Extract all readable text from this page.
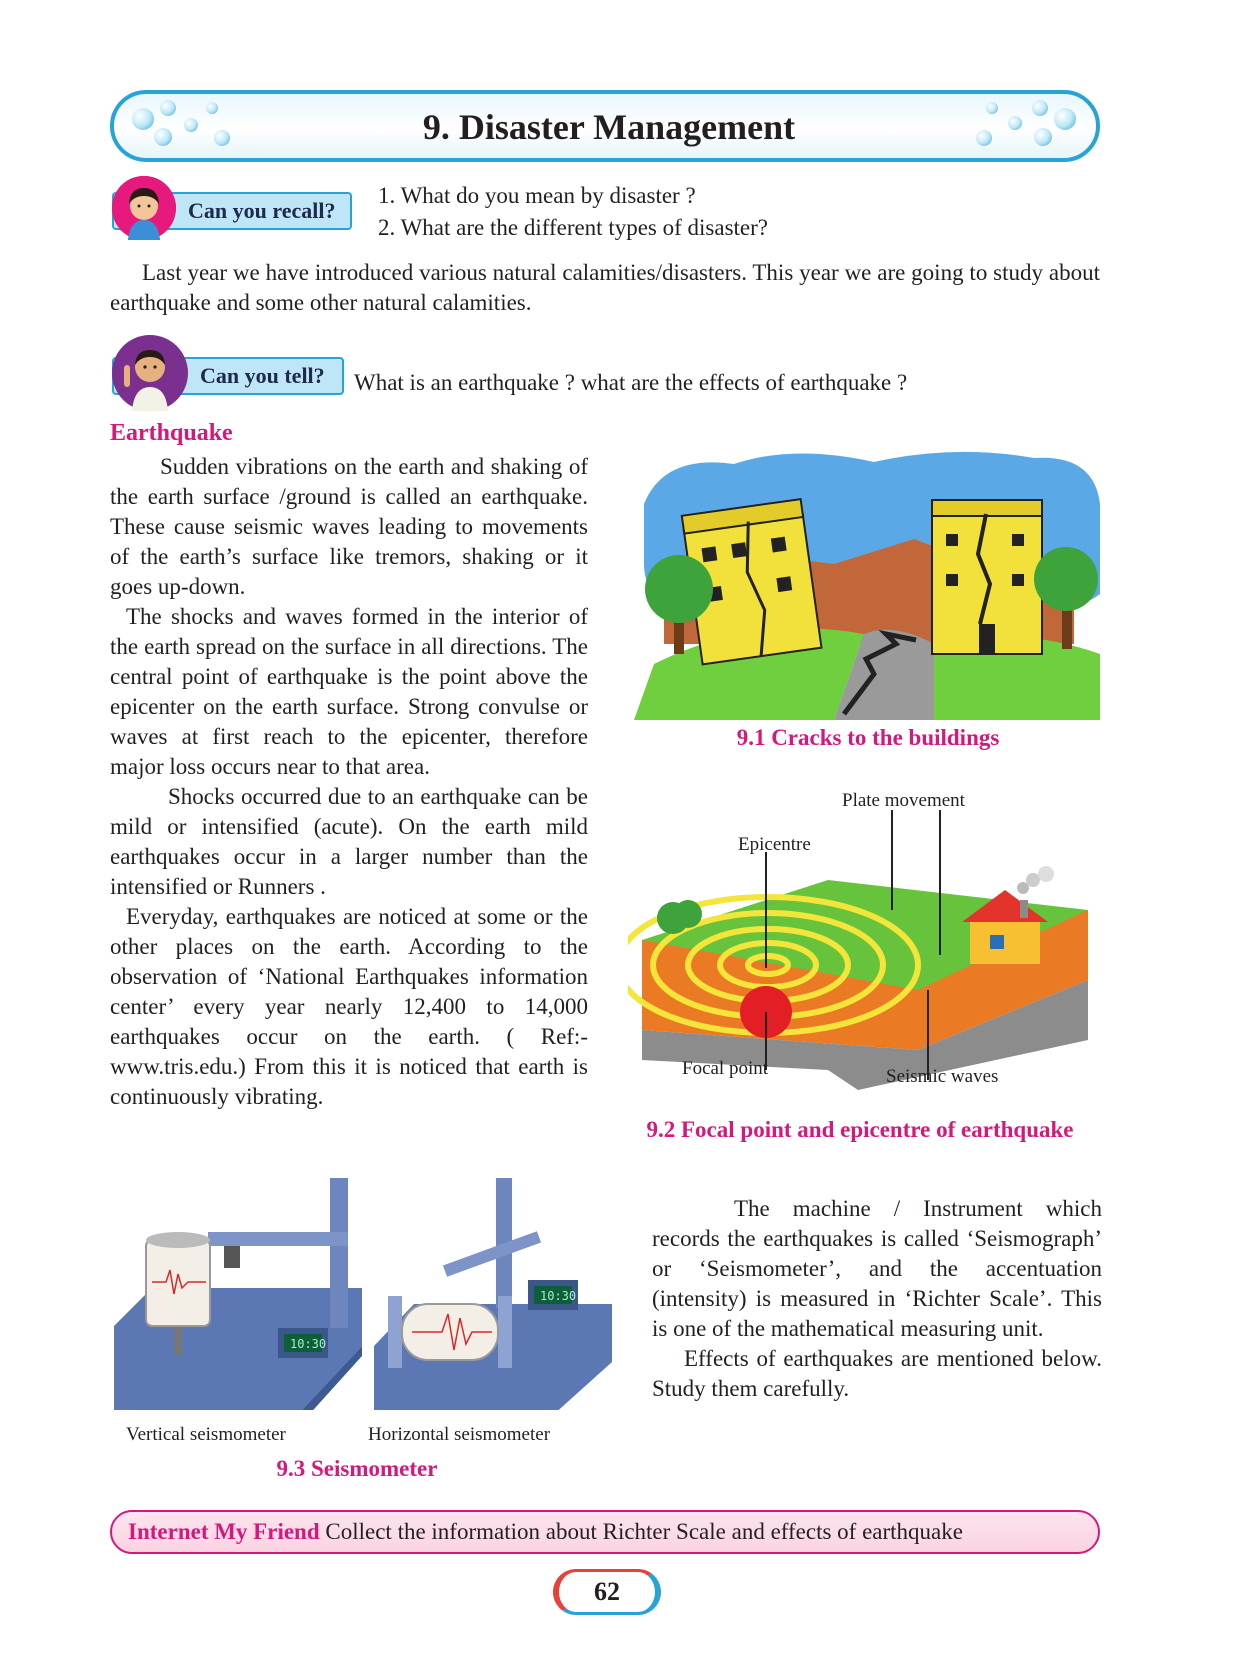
9. Disaster Management
Can you recall?
1. What do you mean by disaster ?
2. What are the different types of disaster?
Last year we have introduced various natural calamities/disasters. This year we are going to study about earthquake and some other natural calamities.
Can you tell?	What is an earthquake ? what are the effects of earthquake ?
Earthquake
Sudden vibrations on the earth and shaking of the earth surface /ground is called an earthquake. These cause seismic waves leading to movements of the earth’s surface like tremors, shaking or it goes up-down.
The shocks and waves formed in the interior of the earth spread on the surface in all directions. The central point of earthquake is the point above the epicenter on the earth surface. Strong convulse or waves at first reach to the epicenter, therefore major loss occurs near to that area.
Shocks occurred due to an earthquake can be mild or intensified (acute). On the earth mild earthquakes occur in a larger number than the intensified or Runners .
Everyday, earthquakes are noticed at some or the other places on the earth. According to the observation of ‘National Earthquakes information center’ every year nearly 12,400 to 14,000 earthquakes occur on the earth. ( Ref:- www.tris.edu.) From this it is noticed that earth is continuously vibrating.
9.1 Cracks to the buildings
Plate movement
Epicentre
Focal point	Seismic waves
9.2 Focal point and epicentre of earthquake
10:30
10:30
Vertical seismometer	Horizontal seismometer
9.3 Seismometer
The machine / Instrument which records the earthquakes is called ‘Seismograph’ or ‘Seismometer’, and the accentuation (intensity) is measured in ‘Richter Scale’. This is one of the mathematical measuring unit.
Effects of earthquakes are mentioned below. Study them carefully.
Internet My Friend Collect the information about Richter Scale and effects of earthquake
62
